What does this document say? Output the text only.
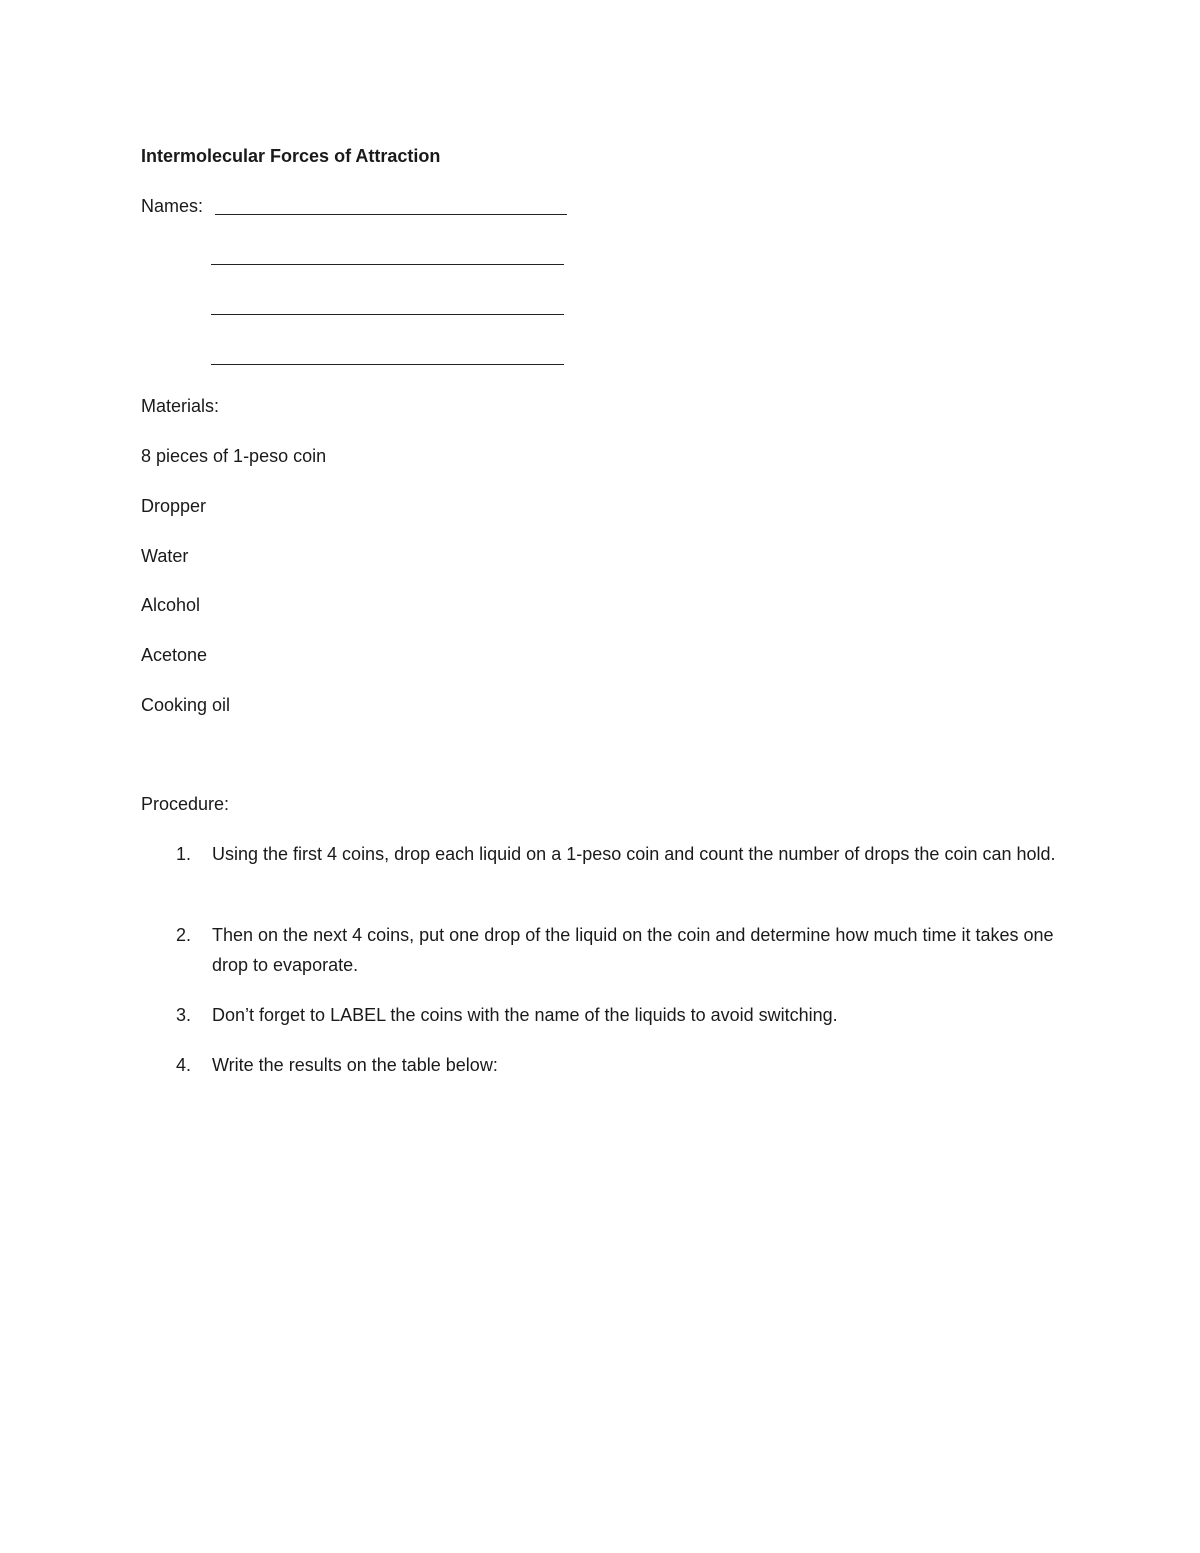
Intermolecular Forces of Attraction
Names:
Materials:
8 pieces of 1-peso coin
Dropper
Water
Alcohol
Acetone
Cooking oil
Procedure:
1. Using the first 4 coins, drop each liquid on a 1-peso coin and count the number of drops the coin can hold.
2. Then on the next 4 coins, put one drop of the liquid on the coin and determine how much time it takes one drop to evaporate.
3. Don’t forget to LABEL the coins with the name of the liquids to avoid switching.
4. Write the results on the table below:
